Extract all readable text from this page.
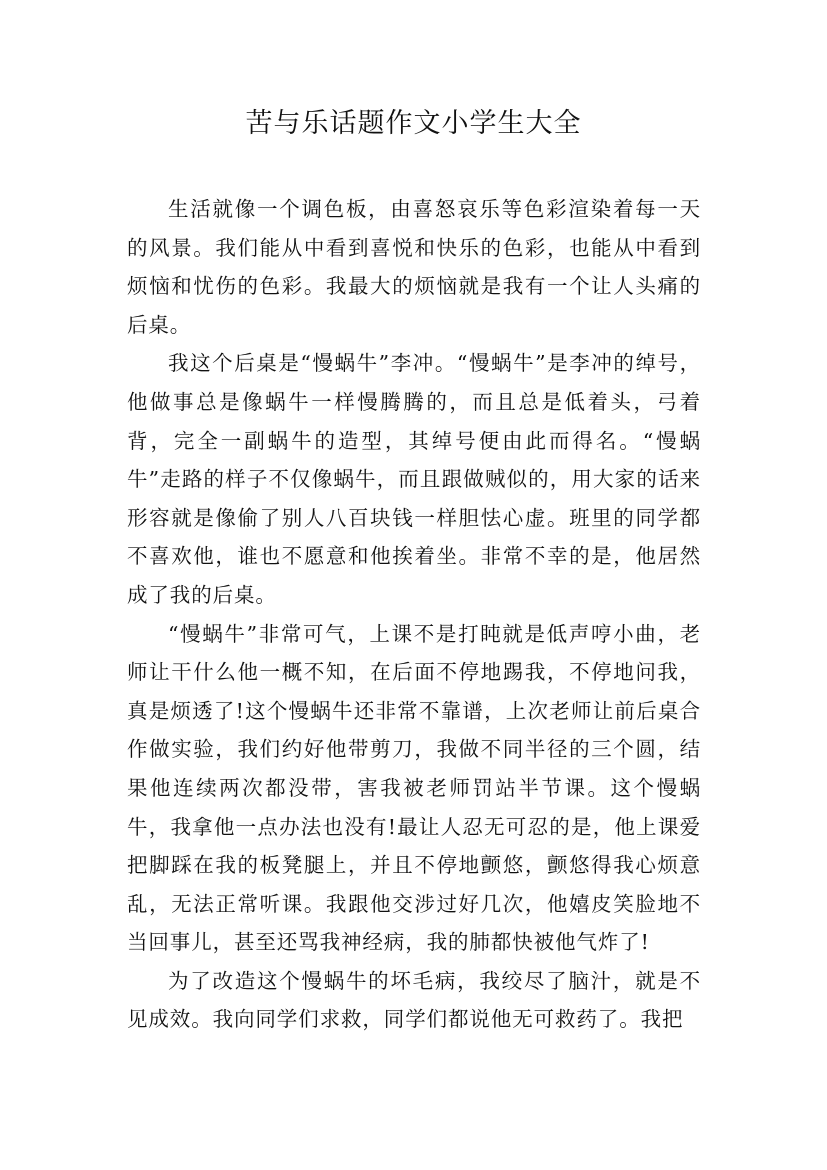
苦与乐话题作文小学生大全

生活就像一个调色板，由喜怒哀乐等色彩渲染着每一天的风景。我们能从中看到喜悦和快乐的色彩，也能从中看到烦恼和忧伤的色彩。我最大的烦恼就是我有一个让人头痛的后桌。

我这个后桌是“慢蜗牛”李冲。“慢蜗牛”是李冲的绰号，他做事总是像蜗牛一样慢腾腾的，而且总是低着头，弓着背，完全一副蜗牛的造型，其绰号便由此而得名。“慢蜗牛”走路的样子不仅像蜗牛，而且跟做贼似的，用大家的话来形容就是像偷了别人八百块钱一样胆怯心虚。班里的同学都不喜欢他，谁也不愿意和他挨着坐。非常不幸的是，他居然成了我的后桌。

“慢蜗牛”非常可气，上课不是打盹就是低声哼小曲，老师让干什么他一概不知，在后面不停地踢我，不停地问我，真是烦透了!这个慢蜗牛还非常不靠谱，上次老师让前后桌合作做实验，我们约好他带剪刀，我做不同半径的三个圆，结果他连续两次都没带，害我被老师罚站半节课。这个慢蜗牛，我拿他一点办法也没有!最让人忍无可忍的是，他上课爱把脚踩在我的板凳腿上，并且不停地颤悠，颤悠得我心烦意乱，无法正常听课。我跟他交涉过好几次，他嬉皮笑脸地不当回事儿，甚至还骂我神经病，我的肺都快被他气炸了!

为了改造这个慢蜗牛的坏毛病，我绞尽了脑汁，就是不见成效。我向同学们求救，同学们都说他无可救药了。我把
